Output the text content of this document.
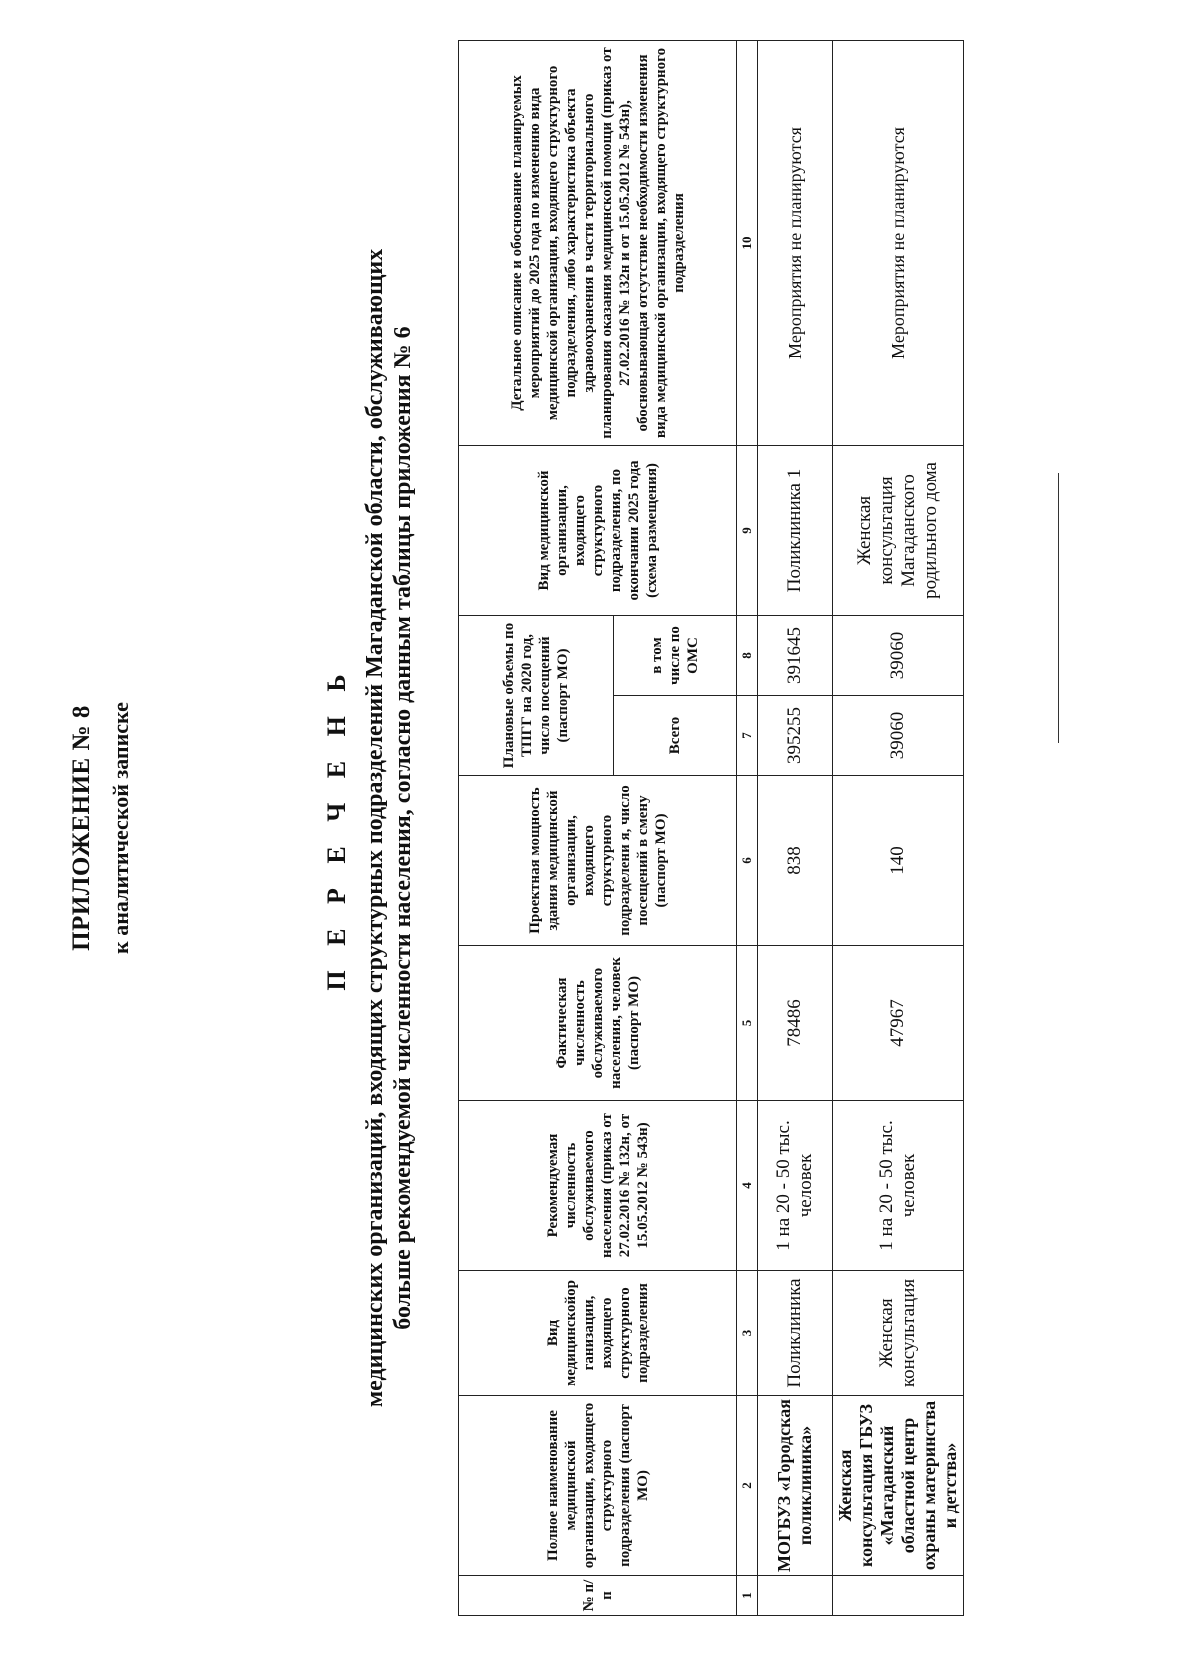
ПРИЛОЖЕНИЕ № 8 к аналитической записке	П Е Р Е Ч Е Н Ь медицинских организаций, входящих структурных подразделений Магаданской области, обслуживающих больше рекомендуемой численности населения, согласно данным таблицы приложения № 6
№ п/ п	Полное наименование медицинской организации, входящего структурного подразделения (паспорт МО)	Вид медицинскойор ганизации, входящего структурного подразделения	Рекомендуемая численность обслуживаемого населения (приказ от 27.02.2016 № 132н, от 15.05.2012 № 543н)	Фактическая численность обслуживаемого населения, человек (паспорт МО)	Проектная мощность здания медицинской организации, входящего структурного подразделени я, число посещений в смену (паспорт МО)	Плановые объемы по ТПГГ на 2020 год, число посещений (паспорт МО)		Вид медицинской организации, входящего структурного подразделения, по окончании 2025 года (схема размещения)	Детальное описание и обоснование планируемых мероприятий до 2025 года по изменению вида медицинской организации, входящего структурного подразделения, либо характеристика объекта здравоохранения в части территориального планирования оказания медицинской помощи (приказ от 27.02.2016 № 132н и от 15.05.2012 № 543н), обосновывающая отсутствие необходимости изменения вида медицинской организации, входящего структурного подразделения
						Всего	в том числе по ОМС		
1	2	3	4	5	6	7	8	9	10
	МОГБУЗ «Городская поликлиника»	Поликлиника	1 на 20 - 50 тыс. человек	78486	838	395255	391645	Поликлиника 1	Мероприятия не планируются
	Женская консультация ГБУЗ «Магаданский областной центр охраны материнства и детства»	Женская консультация	1 на 20 - 50 тыс. человек	47967	140	39060	39060	Женская консультация Магаданского родильного дома	Мероприятия не планируются
